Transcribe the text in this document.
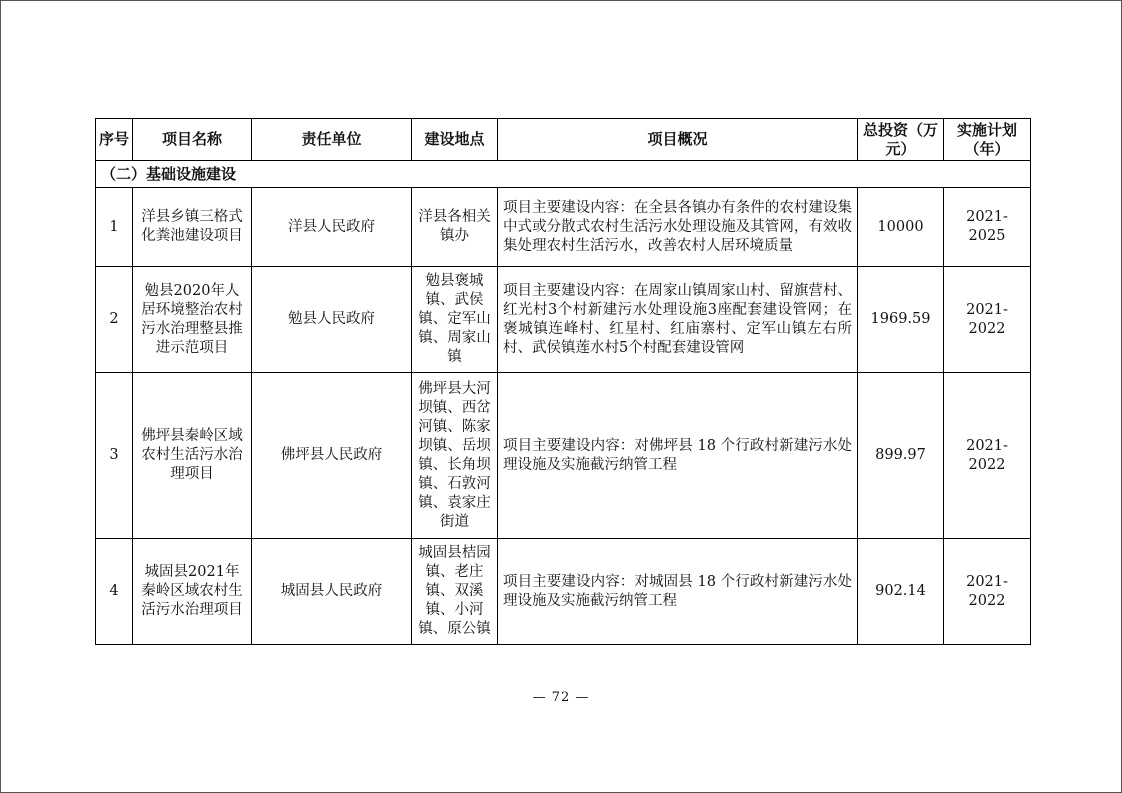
序号	项目名称	责任单位	建设地点	项目概况	总投资（万元）	实施计划（年）
（二）基础设施建设						
1	洋县乡镇三格式化粪池建设项目	洋县人民政府	洋县各相关镇办	项目主要建设内容：在全县各镇办有条件的农村建设集中式或分散式农村生活污水处理设施及其管网，有效收集处理农村生活污水，改善农村人居环境质量	10000	2021-2025
2	勉县2020年人居环境整治农村污水治理整县推进示范项目	勉县人民政府	勉县褒城镇、武侯镇、定军山镇、周家山镇	项目主要建设内容：在周家山镇周家山村、留旗营村、红光村3个村新建污水处理设施3座配套建设管网；在褒城镇连峰村、红星村、红庙寨村、定军山镇左右所村、武侯镇莲水村5个村配套建设管网	1969.59	2021-2022
3	佛坪县秦岭区域农村生活污水治理项目	佛坪县人民政府	佛坪县大河坝镇、西岔河镇、陈家坝镇、岳坝镇、长角坝镇、石敦河镇、袁家庄街道	项目主要建设内容：对佛坪县 18 个行政村新建污水处理设施及实施截污纳管工程	899.97	2021-2022
4	城固县2021年秦岭区域农村生活污水治理项目	城固县人民政府	城固县桔园镇、老庄镇、双溪镇、小河镇、原公镇	项目主要建设内容：对城固县 18 个行政村新建污水处理设施及实施截污纳管工程	902.14	2021-2022
— 72 —
